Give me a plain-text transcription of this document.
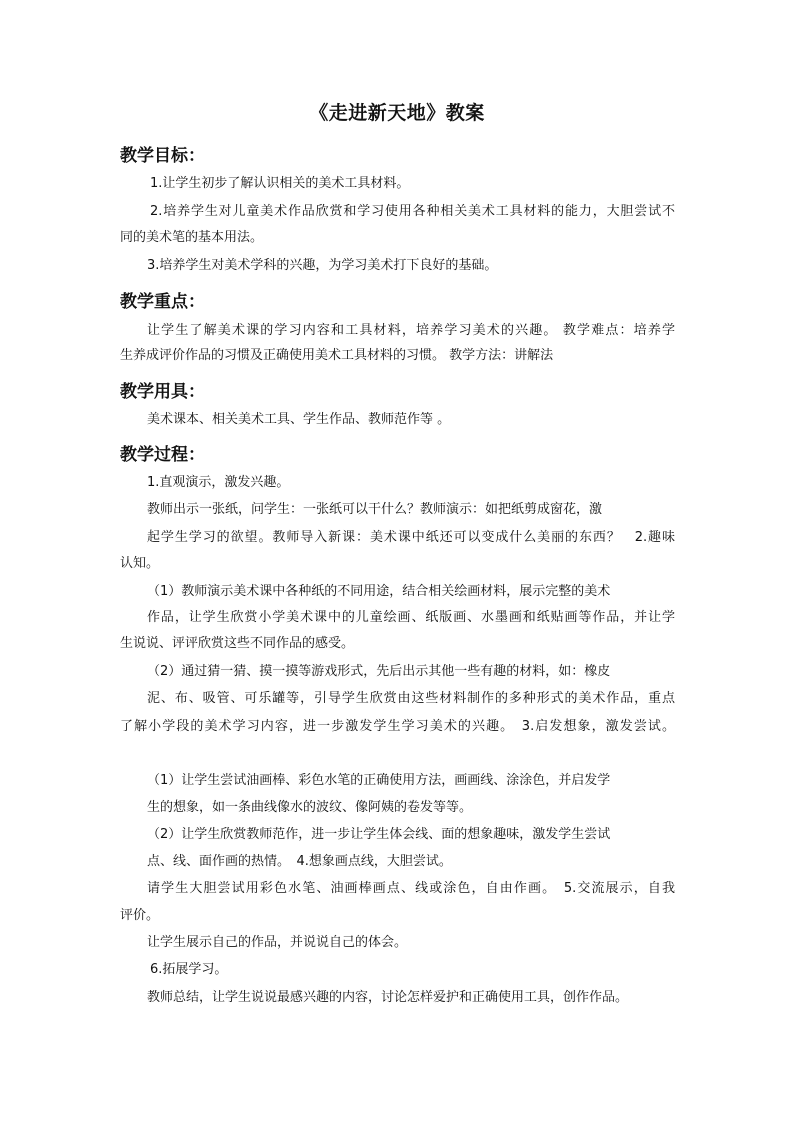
《走进新天地》教案
教学目标：
1.让学生初步了解认识相关的美术工具材料。
2.培养学生对儿童美术作品欣赏和学习使用各种相关美术工具材料的能力，大胆尝试不
同的美术笔的基本用法。
3.培养学生对美术学科的兴趣，为学习美术打下良好的基础。
教学重点：
让学生了解美术课的学习内容和工具材料，培养学习美术的兴趣。 教学难点：培养学
生养成评价作品的习惯及正确使用美术工具材料的习惯。 教学方法：讲解法
教学用具：
美术课本、相关美术工具、学生作品、教师范作等 。
教学过程：
1.直观演示，激发兴趣。
教师出示一张纸，问学生：一张纸可以干什么？教师演示：如把纸剪成窗花，激
起学生学习的欲望。教师导入新课：美术课中纸还可以变成什么美丽的东西？　2.趣味
认知。
（1）教师演示美术课中各种纸的不同用途，结合相关绘画材料，展示完整的美术
作品，让学生欣赏小学美术课中的儿童绘画、纸版画、水墨画和纸贴画等作品，并让学
生说说、评评欣赏这些不同作品的感受。
（2）通过猜一猜、摸一摸等游戏形式，先后出示其他一些有趣的材料，如：橡皮
泥、布、吸管、可乐罐等，引导学生欣赏由这些材料制作的多种形式的美术作品，重点
了解小学段的美术学习内容，进一步激发学生学习美术的兴趣。　3.启发想象，激发尝试。
（1）让学生尝试油画棒、彩色水笔的正确使用方法，画画线、涂涂色，并启发学
生的想象，如一条曲线像水的波纹、像阿姨的卷发等等。
（2）让学生欣赏教师范作，进一步让学生体会线、面的想象趣味，激发学生尝试
点、线、面作画的热情。　4.想象画点线，大胆尝试。
请学生大胆尝试用彩色水笔、油画棒画点、线或涂色，自由作画。　5.交流展示，自我
评价。
让学生展示自己的作品，并说说自己的体会。
6.拓展学习。
教师总结，让学生说说最感兴趣的内容，讨论怎样爱护和正确使用工具，创作作品。
